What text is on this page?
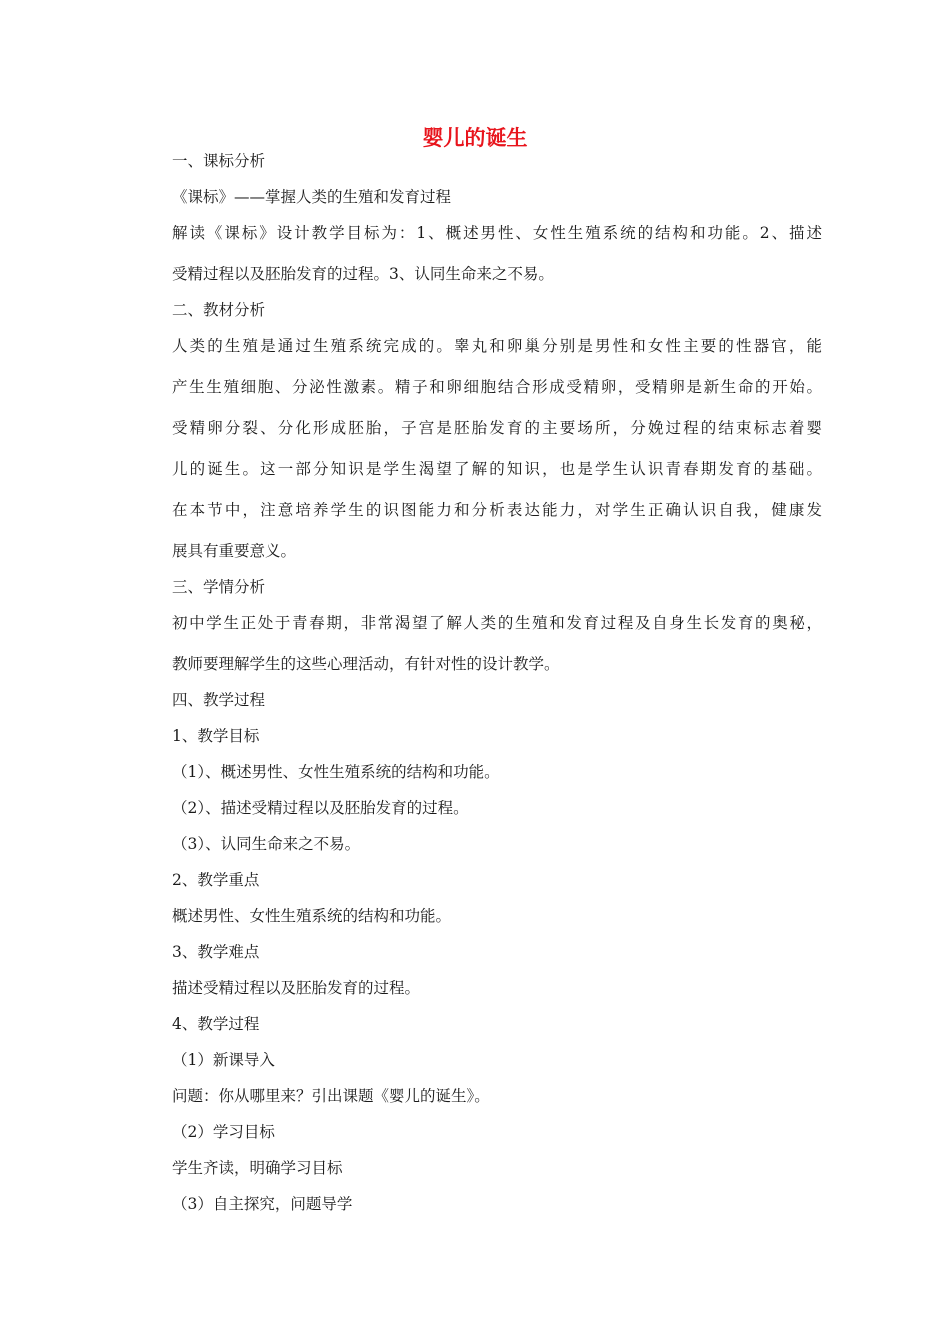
婴儿的诞生
一、课标分析
《课标》——掌握人类的生殖和发育过程
解读《课标》设计教学目标为：1、概述男性、女性生殖系统的结构和功能。2、描述
受精过程以及胚胎发育的过程。3、认同生命来之不易。
二、教材分析
人类的生殖是通过生殖系统完成的。睾丸和卵巢分别是男性和女性主要的性器官，能
产生生殖细胞、分泌性激素。精子和卵细胞结合形成受精卵，受精卵是新生命的开始。
受精卵分裂、分化形成胚胎，子宫是胚胎发育的主要场所，分娩过程的结束标志着婴
儿的诞生。这一部分知识是学生渴望了解的知识，也是学生认识青春期发育的基础。
在本节中，注意培养学生的识图能力和分析表达能力，对学生正确认识自我，健康发
展具有重要意义。
三、学情分析
初中学生正处于青春期，非常渴望了解人类的生殖和发育过程及自身生长发育的奥秘，
教师要理解学生的这些心理活动，有针对性的设计教学。
四、教学过程
1、教学目标
（1）、概述男性、女性生殖系统的结构和功能。
（2）、描述受精过程以及胚胎发育的过程。
（3）、认同生命来之不易。
2、教学重点
概述男性、女性生殖系统的结构和功能。
3、教学难点
描述受精过程以及胚胎发育的过程。
4、教学过程
（1）新课导入
问题：你从哪里来？引出课题《婴儿的诞生》。
（2）学习目标
学生齐读，明确学习目标
（3）自主探究，问题导学
